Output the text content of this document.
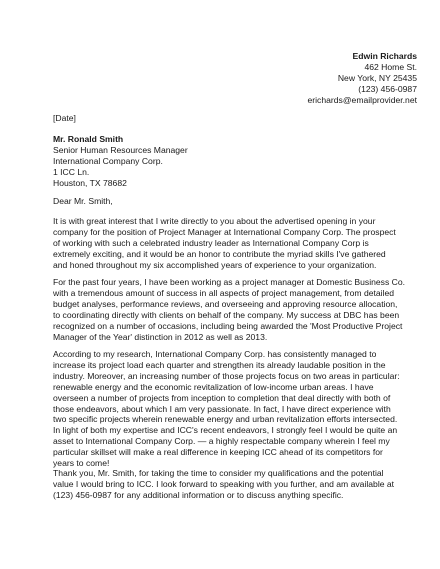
Edwin Richards
462 Home St.
New York, NY 25435
(123) 456-0987
erichards@emailprovider.net
[Date]
Mr. Ronald Smith
Senior Human Resources Manager
International Company Corp.
1 ICC Ln.
Houston, TX 78682
Dear Mr. Smith,
It is with great interest that I write directly to you about the advertised opening in your
company for the position of Project Manager at International Company Corp. The prospect
of working with such a celebrated industry leader as International Company Corp is
extremely exciting, and it would be an honor to contribute the myriad skills I've gathered
and honed throughout my six accomplished years of experience to your organization.
For the past four years, I have been working as a project manager at Domestic Business Co.
with a tremendous amount of success in all aspects of project management, from detailed
budget analyses, performance reviews, and overseeing and approving resource allocation,
to coordinating directly with clients on behalf of the company. My success at DBC has been
recognized on a number of occasions, including being awarded the 'Most Productive Project
Manager of the Year' distinction in 2012 as well as 2013.
According to my research, International Company Corp. has consistently managed to
increase its project load each quarter and strengthen its already laudable position in the
industry. Moreover, an increasing number of those projects focus on two areas in particular:
renewable energy and the economic revitalization of low-income urban areas. I have
overseen a number of projects from inception to completion that deal directly with both of
those endeavors, about which I am very passionate. In fact, I have direct experience with
two specific projects wherein renewable energy and urban revitalization efforts intersected.
In light of both my expertise and ICC's recent endeavors, I strongly feel I would be quite an
asset to International Company Corp. — a highly respectable company wherein I feel my
particular skillset will make a real difference in keeping ICC ahead of its competitors for
years to come!
Thank you, Mr. Smith, for taking the time to consider my qualifications and the potential
value I would bring to ICC. I look forward to speaking with you further, and am available at
(123) 456-0987 for any additional information or to discuss anything specific.
